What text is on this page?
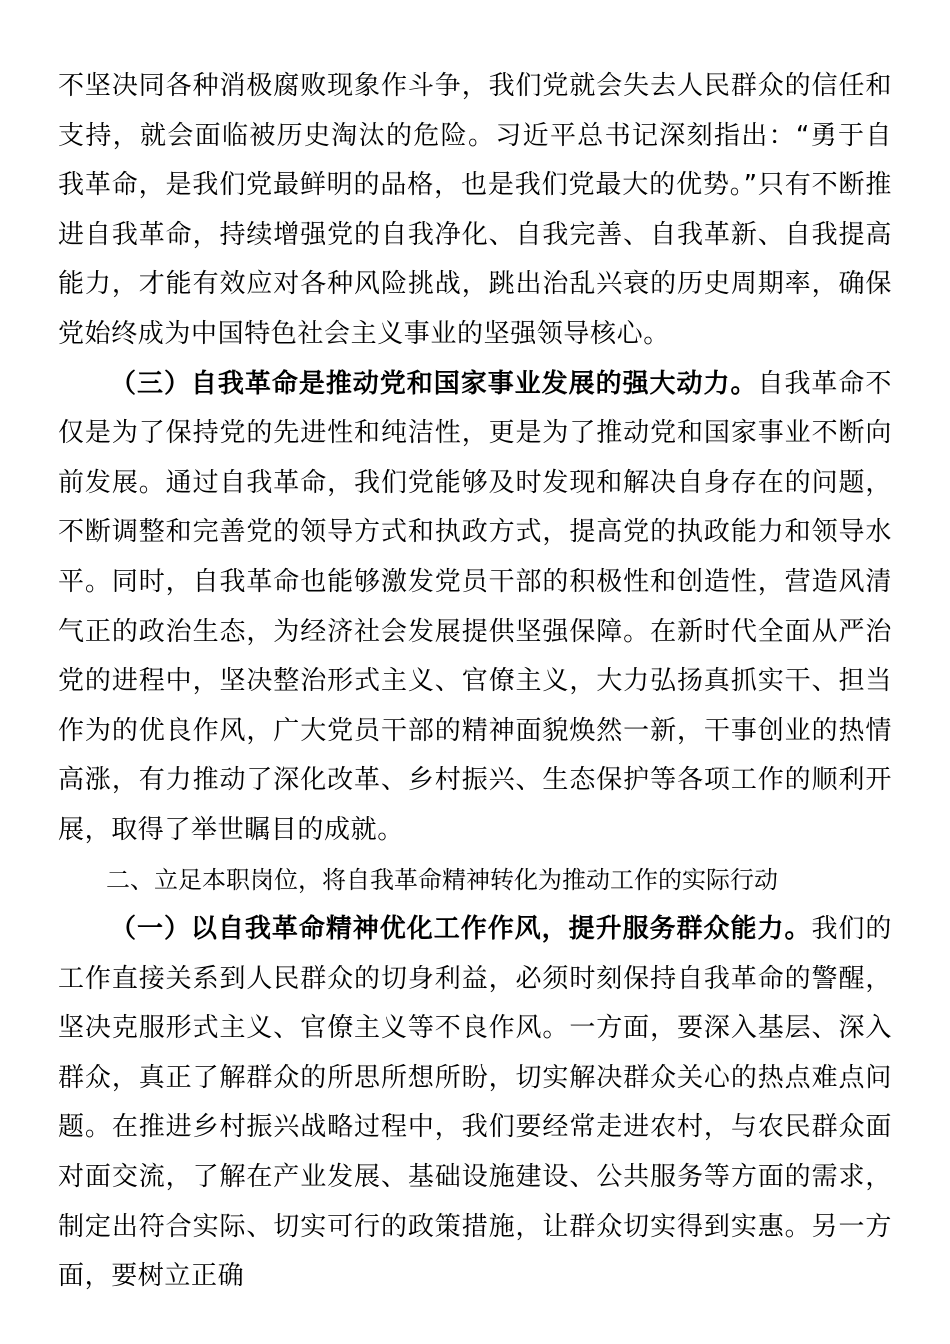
不坚决同各种消极腐败现象作斗争，我们党就会失去人民群众的信任和支持，就会面临被历史淘汰的危险。习近平总书记深刻指出：“勇于自我革命，是我们党最鲜明的品格，也是我们党最大的优势。”只有不断推进自我革命，持续增强党的自我净化、自我完善、自我革新、自我提高能力，才能有效应对各种风险挑战，跳出治乱兴衰的历史周期率，确保党始终成为中国特色社会主义事业的坚强领导核心。

（三）自我革命是推动党和国家事业发展的强大动力。自我革命不仅是为了保持党的先进性和纯洁性，更是为了推动党和国家事业不断向前发展。通过自我革命，我们党能够及时发现和解决自身存在的问题，不断调整和完善党的领导方式和执政方式，提高党的执政能力和领导水平。同时，自我革命也能够激发党员干部的积极性和创造性，营造风清气正的政治生态，为经济社会发展提供坚强保障。在新时代全面从严治党的进程中，坚决整治形式主义、官僚主义，大力弘扬真抓实干、担当作为的优良作风，广大党员干部的精神面貌焕然一新，干事创业的热情高涨，有力推动了深化改革、乡村振兴、生态保护等各项工作的顺利开展，取得了举世瞩目的成就。

二、立足本职岗位，将自我革命精神转化为推动工作的实际行动

（一）以自我革命精神优化工作作风，提升服务群众能力。我们的工作直接关系到人民群众的切身利益，必须时刻保持自我革命的警醒，坚决克服形式主义、官僚主义等不良作风。一方面，要深入基层、深入群众，真正了解群众的所思所想所盼，切实解决群众关心的热点难点问题。在推进乡村振兴战略过程中，我们要经常走进农村，与农民群众面对面交流，了解在产业发展、基础设施建设、公共服务等方面的需求，制定出符合实际、切实可行的政策措施，让群众切实得到实惠。另一方面，要树立正确
